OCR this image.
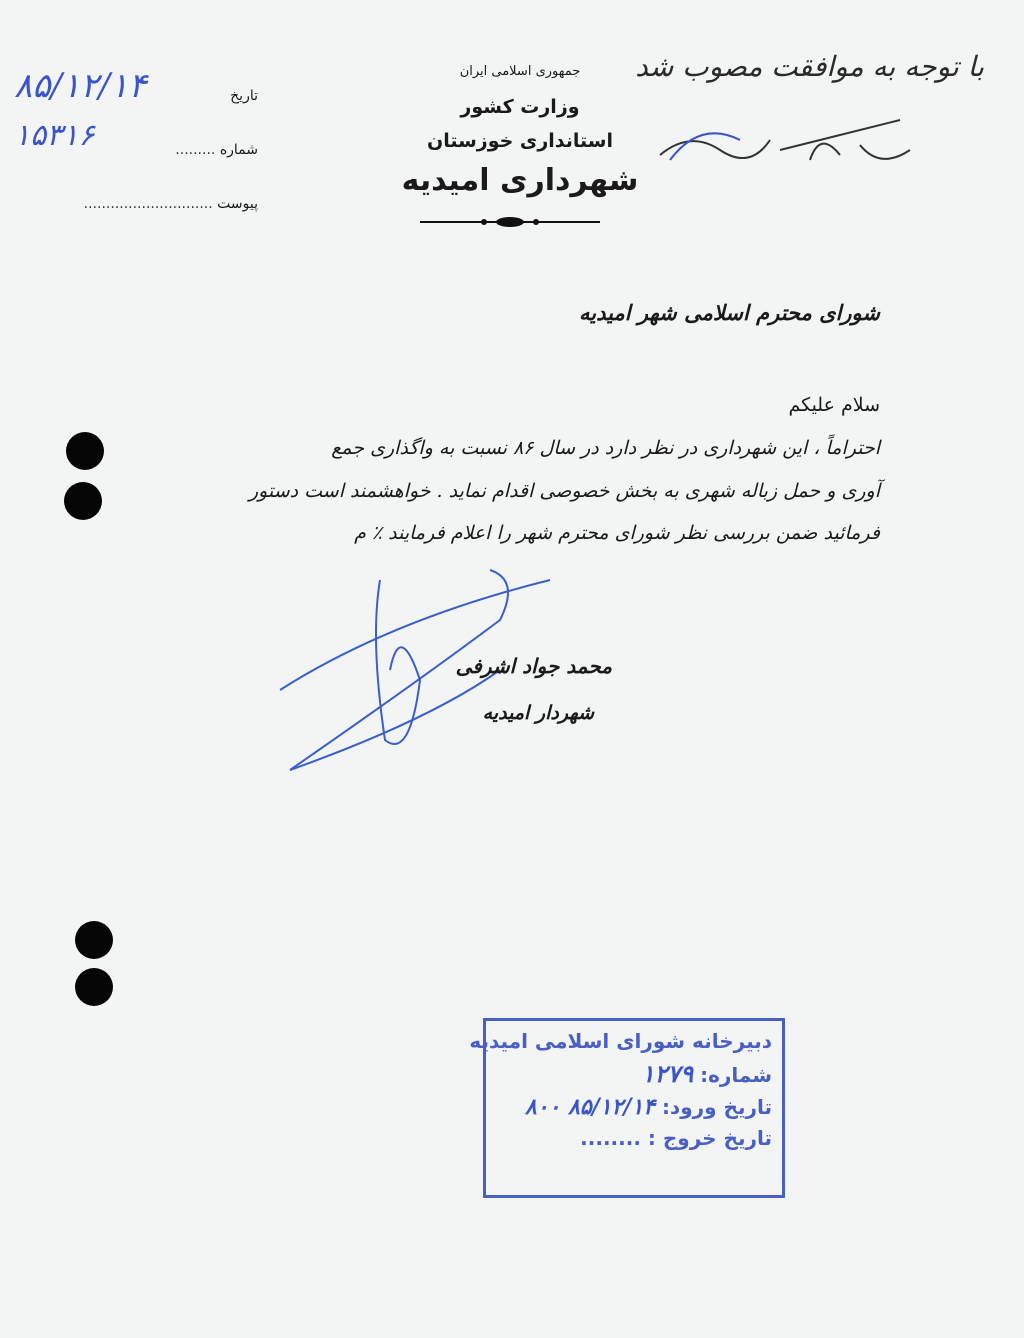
جمهوری اسلامی ایران
وزارت کشور
استانداری خوزستان
شهرداری امیدیه
تاریخ
شماره .........
پیوست .............................
۸۵/۱۲/۱۴
۱۵۳۱۶
با توجه به موافقت مصوب شد
شورای محترم اسلامی شهر امیدیه
سلام علیکم
احتراماً ، این شهرداری در نظر دارد در سال ۸۶ نسبت به واگذاری جمع
آوری و حمل زباله شهری به بخش خصوصی اقدام نماید . خواهشمند است دستور
فرمائید ضمن بررسی نظر شورای محترم شهر را اعلام فرمایند ٪ م
محمد جواد اشرفی
شهردار امیدیه
دبیرخانه شورای اسلامی امیدیه
شماره: ۱۲۷۹
تاریخ ورود: ۸۵/۱۲/۱۴ ۸۰۰
تاریخ خروج : ........
